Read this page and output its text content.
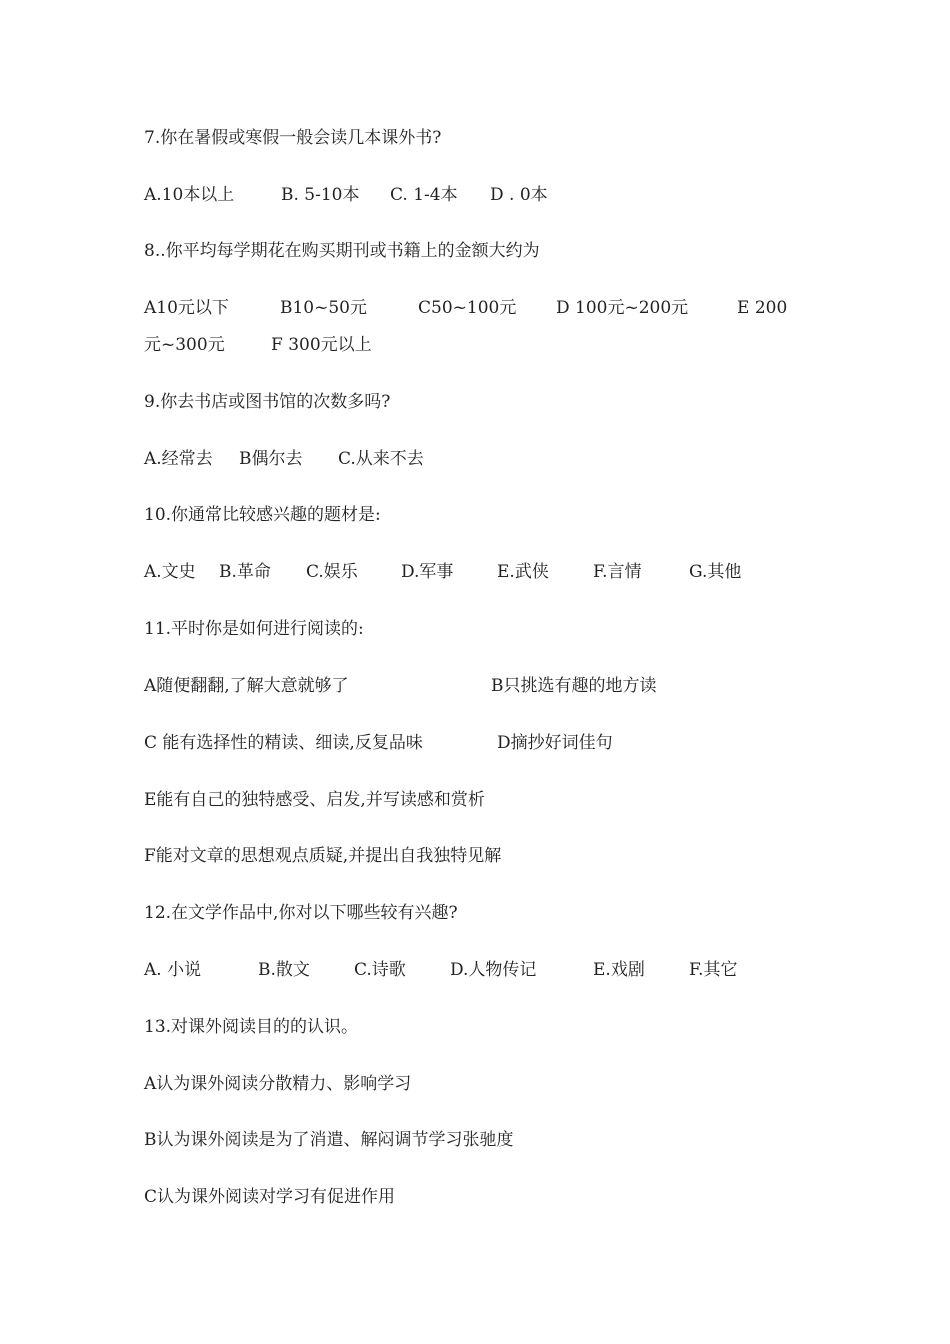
7.你在暑假或寒假一般会读几本课外书?
A.10本以上	B. 5-10本 C. 1-4本 D . 0本
8..你平均每学期花在购买期刊或书籍上的金额大约为
A10元以下	B10~50元	C50~100元 D 100元~200元	E 200
元~300元	F 300元以上
9.你去书店或图书馆的次数多吗?
A.经常去 B偶尔去 C.从来不去
10.你通常比较感兴趣的题材是:
A.文史 B.革命 C.娱乐	D.军事	E.武侠	F.言情	G.其他
11.平时你是如何进行阅读的:
A随便翻翻,了解大意就够了	B只挑选有趣的地方读
C 能有选择性的精读、细读,反复品味	D摘抄好词佳句
E能有自己的独特感受、启发,并写读感和赏析
F能对文章的思想观点质疑,并提出自我独特见解
12.在文学作品中,你对以下哪些较有兴趣?
A. 小说	B.散文	C.诗歌	D.人物传记	E.戏剧	F.其它
13.对课外阅读目的的认识。
A认为课外阅读分散精力、影响学习
B认为课外阅读是为了消遣、解闷调节学习张驰度
C认为课外阅读对学习有促进作用
